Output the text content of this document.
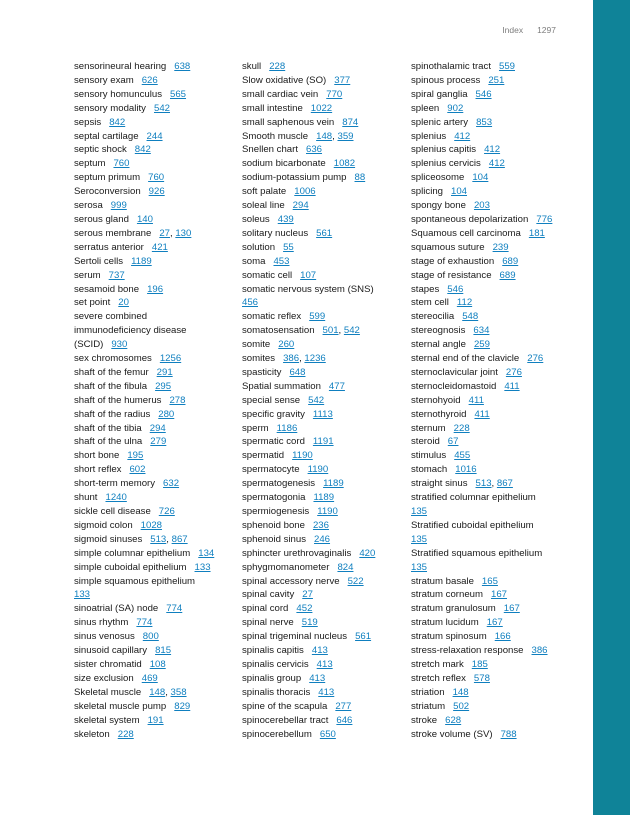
Index 1297
sensorineural hearing 638
sensory exam 626
sensory homunculus 565
sensory modality 542
sepsis 842
septal cartilage 244
septic shock 842
septum 760
septum primum 760
Seroconversion 926
serosa 999
serous gland 140
serous membrane 27, 130
serratus anterior 421
Sertoli cells 1189
serum 737
sesamoid bone 196
set point 20
severe combined
immunodeficiency disease
(SCID) 930
sex chromosomes 1256
shaft of the femur 291
shaft of the fibula 295
shaft of the humerus 278
shaft of the radius 280
shaft of the tibia 294
shaft of the ulna 279
short bone 195
short reflex 602
short-term memory 632
shunt 1240
sickle cell disease 726
sigmoid colon 1028
sigmoid sinuses 513, 867
simple columnar epithelium 134
simple cuboidal epithelium 133
simple squamous epithelium
133
sinoatrial (SA) node 774
sinus rhythm 774
sinus venosus 800
sinusoid capillary 815
sister chromatid 108
size exclusion 469
Skeletal muscle 148, 358
skeletal muscle pump 829
skeletal system 191
skeleton 228
skull 228
Slow oxidative (SO) 377
small cardiac vein 770
small intestine 1022
small saphenous vein 874
Smooth muscle 148, 359
Snellen chart 636
sodium bicarbonate 1082
sodium-potassium pump 88
soft palate 1006
soleal line 294
soleus 439
solitary nucleus 561
solution 55
soma 453
somatic cell 107
somatic nervous system (SNS)
456
somatic reflex 599
somatosensation 501, 542
somite 260
somites 386, 1236
spasticity 648
Spatial summation 477
special sense 542
specific gravity 1113
sperm 1186
spermatic cord 1191
spermatid 1190
spermatocyte 1190
spermatogenesis 1189
spermatogonia 1189
spermiogenesis 1190
sphenoid bone 236
sphenoid sinus 246
sphincter urethrovaginalis 420
sphygmomanometer 824
spinal accessory nerve 522
spinal cavity 27
spinal cord 452
spinal nerve 519
spinal trigeminal nucleus 561
spinalis capitis 413
spinalis cervicis 413
spinalis group 413
spinalis thoracis 413
spine of the scapula 277
spinocerebellar tract 646
spinocerebellum 650
spinothalamic tract 559
spinous process 251
spiral ganglia 546
spleen 902
splenic artery 853
splenius 412
splenius capitis 412
splenius cervicis 412
spliceosome 104
splicing 104
spongy bone 203
spontaneous depolarization 776
Squamous cell carcinoma 181
squamous suture 239
stage of exhaustion 689
stage of resistance 689
stapes 546
stem cell 112
stereocilia 548
stereognosis 634
sternal angle 259
sternal end of the clavicle 276
sternoclavicular joint 276
sternocleidomastoid 411
sternohyoid 411
sternothyroid 411
sternum 228
steroid 67
stimulus 455
stomach 1016
straight sinus 513, 867
stratified columnar epithelium
135
Stratified cuboidal epithelium
135
Stratified squamous epithelium
135
stratum basale 165
stratum corneum 167
stratum granulosum 167
stratum lucidum 167
stratum spinosum 166
stress-relaxation response 386
stretch mark 185
stretch reflex 578
striation 148
striatum 502
stroke 628
stroke volume (SV) 788
